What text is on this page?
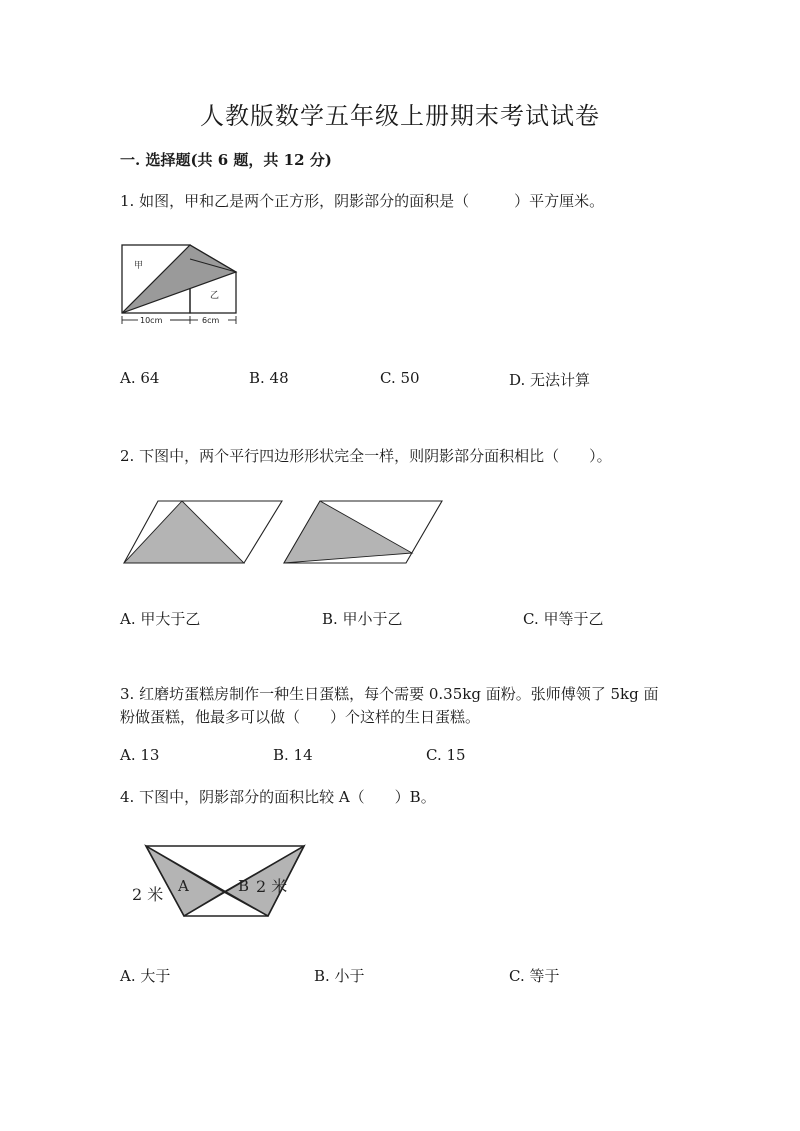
人教版数学五年级上册期末考试试卷
一. 选择题(共 6 题，共 12 分)
1. 如图，甲和乙是两个正方形，阴影部分的面积是（　　　）平方厘米。
甲
乙
10cm	6cm
A. 64	B. 48	C. 50	D. 无法计算
2. 下图中，两个平行四边形形状完全一样，则阴影部分面积相比（　　）。
A. 甲大于乙	B. 甲小于乙	C. 甲等于乙
3. 红磨坊蛋糕房制作一种生日蛋糕，每个需要 0.35kg 面粉。张师傅领了 5kg 面
粉做蛋糕，他最多可以做（　　）个这样的生日蛋糕。
A. 13	B. 14	C. 15
4. 下图中，阴影部分的面积比较 A（　　）B。
A	B
2 米	2 米
A. 大于	B. 小于	C. 等于
